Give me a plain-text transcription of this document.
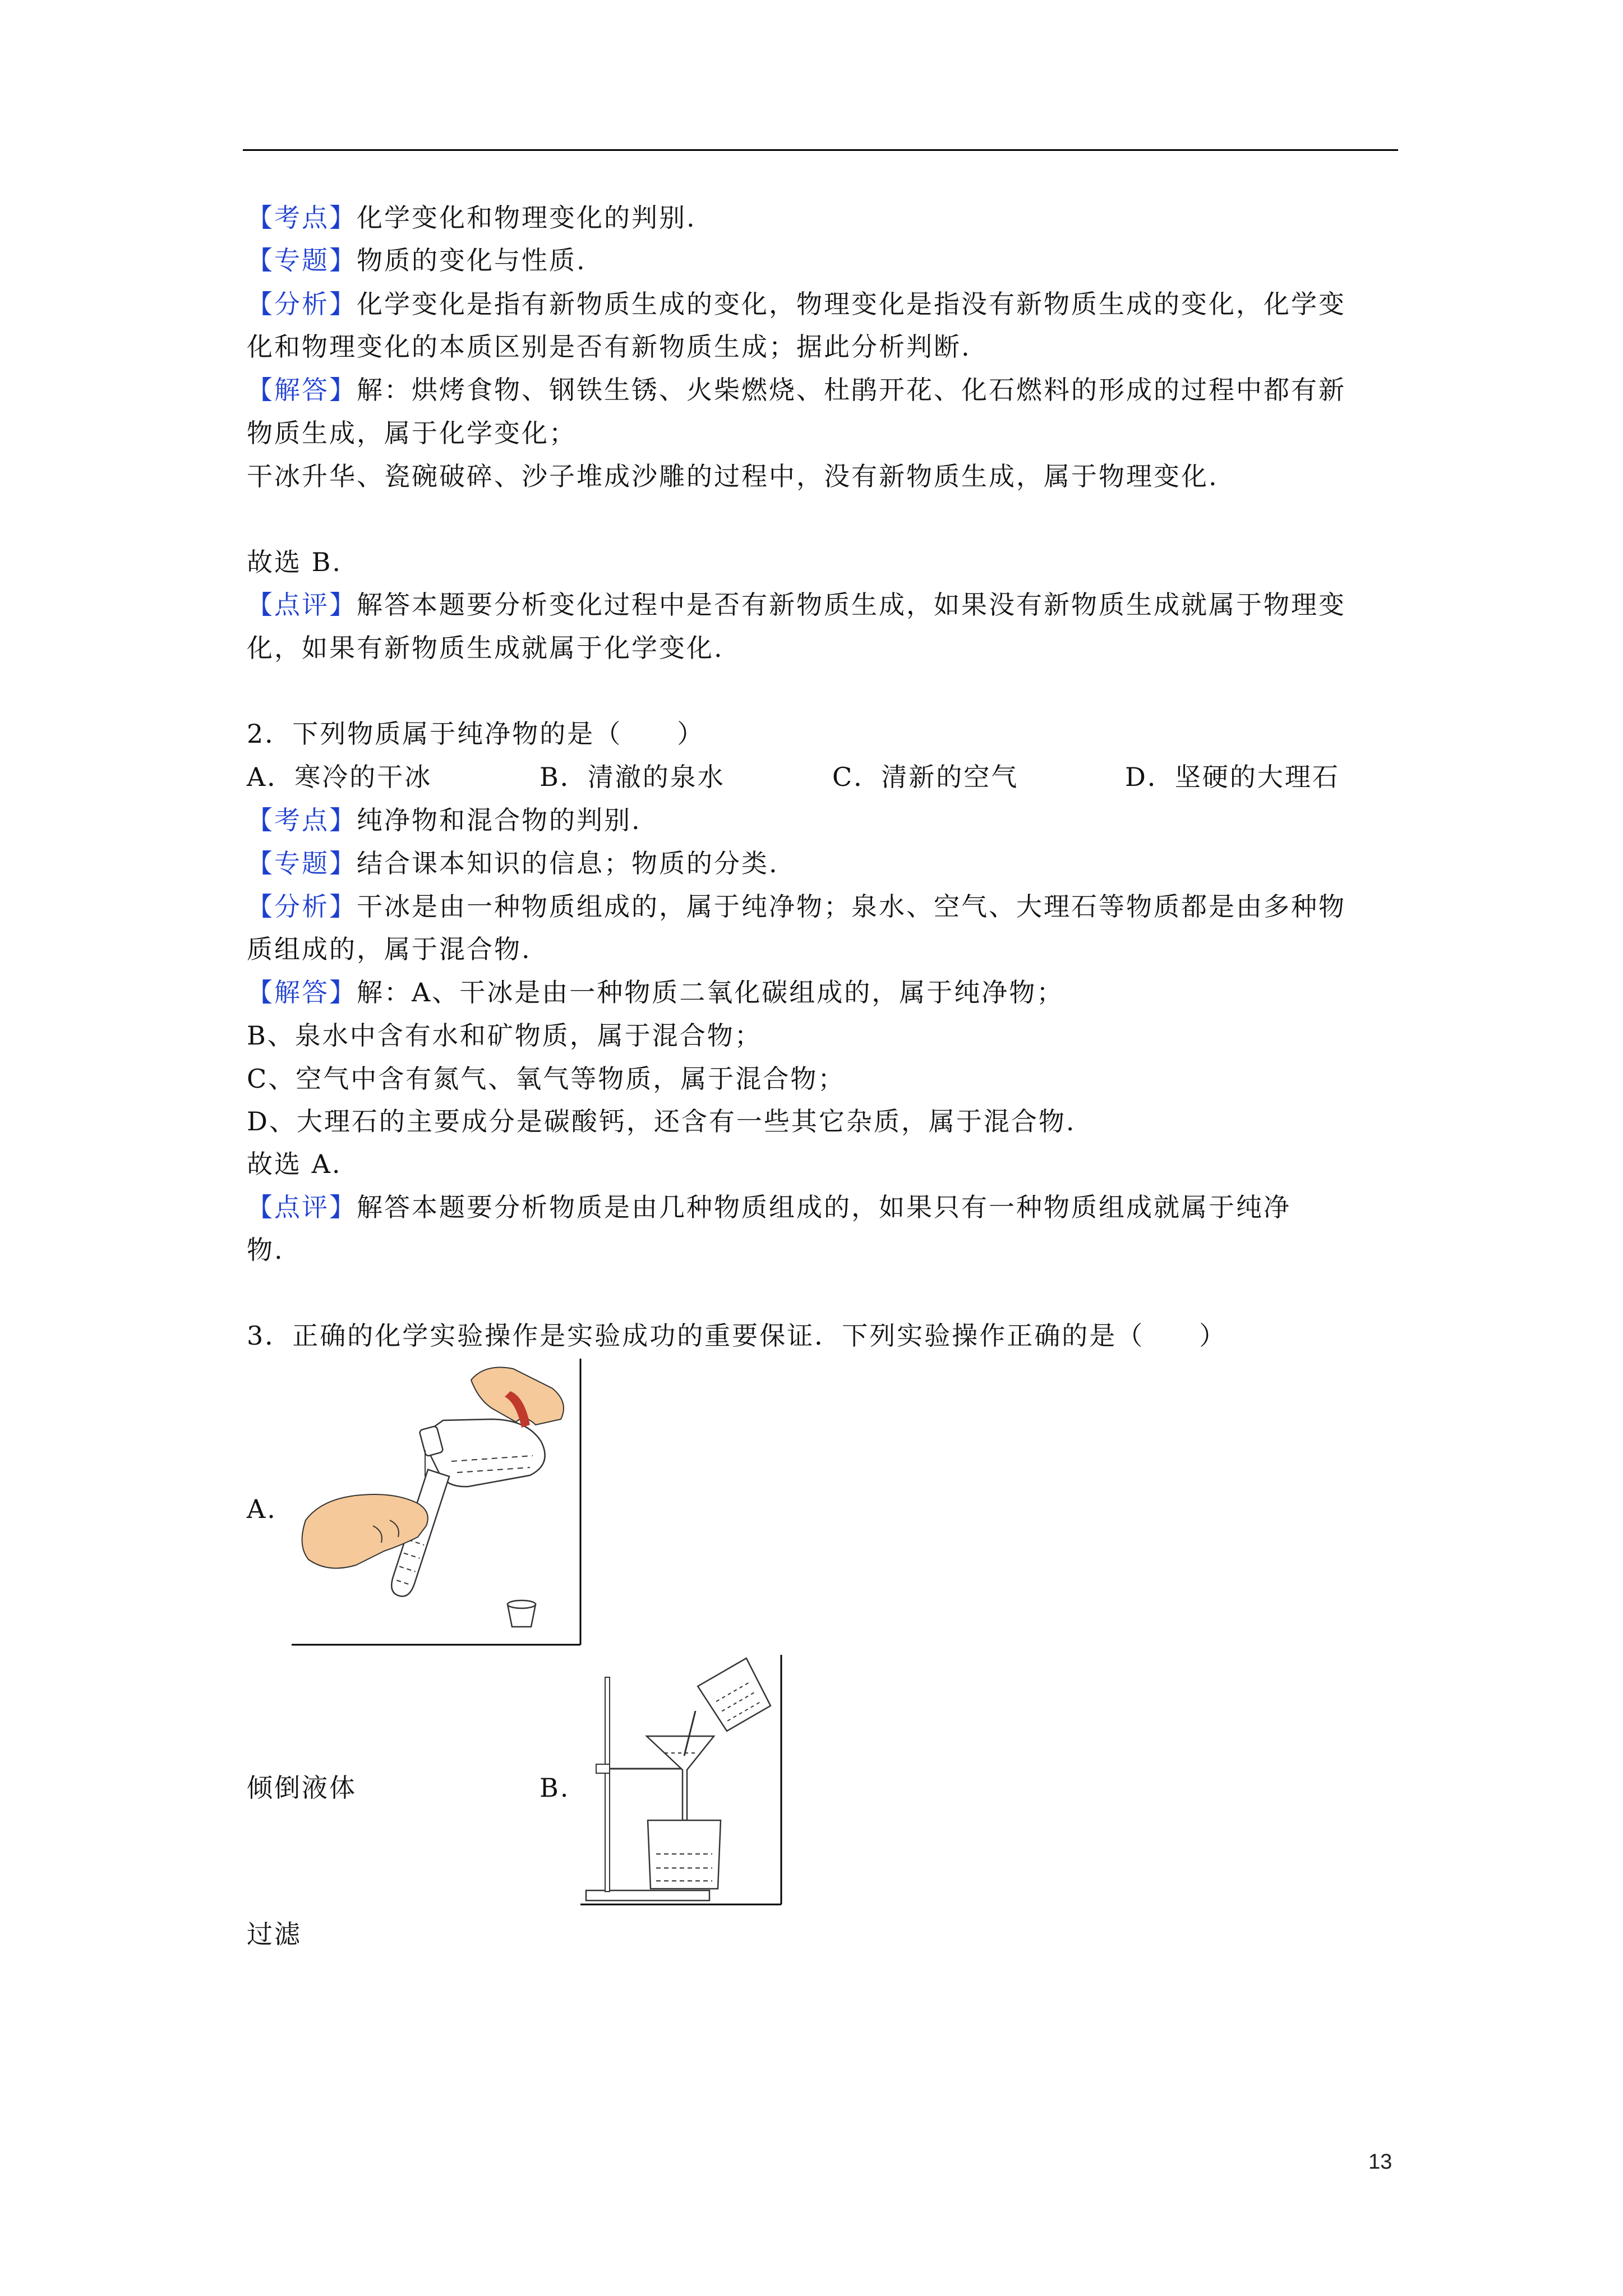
【考点】化学变化和物理变化的判别.
【专题】物质的变化与性质.
【分析】化学变化是指有新物质生成的变化，物理变化是指没有新物质生成的变化，化学变
化和物理变化的本质区别是否有新物质生成；据此分析判断.
【解答】解：烘烤食物、钢铁生锈、火柴燃烧、杜鹃开花、化石燃料的形成的过程中都有新
物质生成，属于化学变化；
干冰升华、瓷碗破碎、沙子堆成沙雕的过程中，没有新物质生成，属于物理变化.
故选 B.
【点评】解答本题要分析变化过程中是否有新物质生成，如果没有新物质生成就属于物理变
化，如果有新物质生成就属于化学变化.
2．下列物质属于纯净物的是（　　）
A．寒冷的干冰	B．清澈的泉水	C．清新的空气	D．坚硬的大理石
【考点】纯净物和混合物的判别.
【专题】结合课本知识的信息；物质的分类.
【分析】干冰是由一种物质组成的，属于纯净物；泉水、空气、大理石等物质都是由多种物
质组成的，属于混合物.
【解答】解：A、干冰是由一种物质二氧化碳组成的，属于纯净物；
B、泉水中含有水和矿物质，属于混合物；
C、空气中含有氮气、氧气等物质，属于混合物；
D、大理石的主要成分是碳酸钙，还含有一些其它杂质，属于混合物.
故选 A.
【点评】解答本题要分析物质是由几种物质组成的，如果只有一种物质组成就属于纯净
物.
3．正确的化学实验操作是实验成功的重要保证．下列实验操作正确的是（　　）
A.
倾倒液体	B.
过滤
13
